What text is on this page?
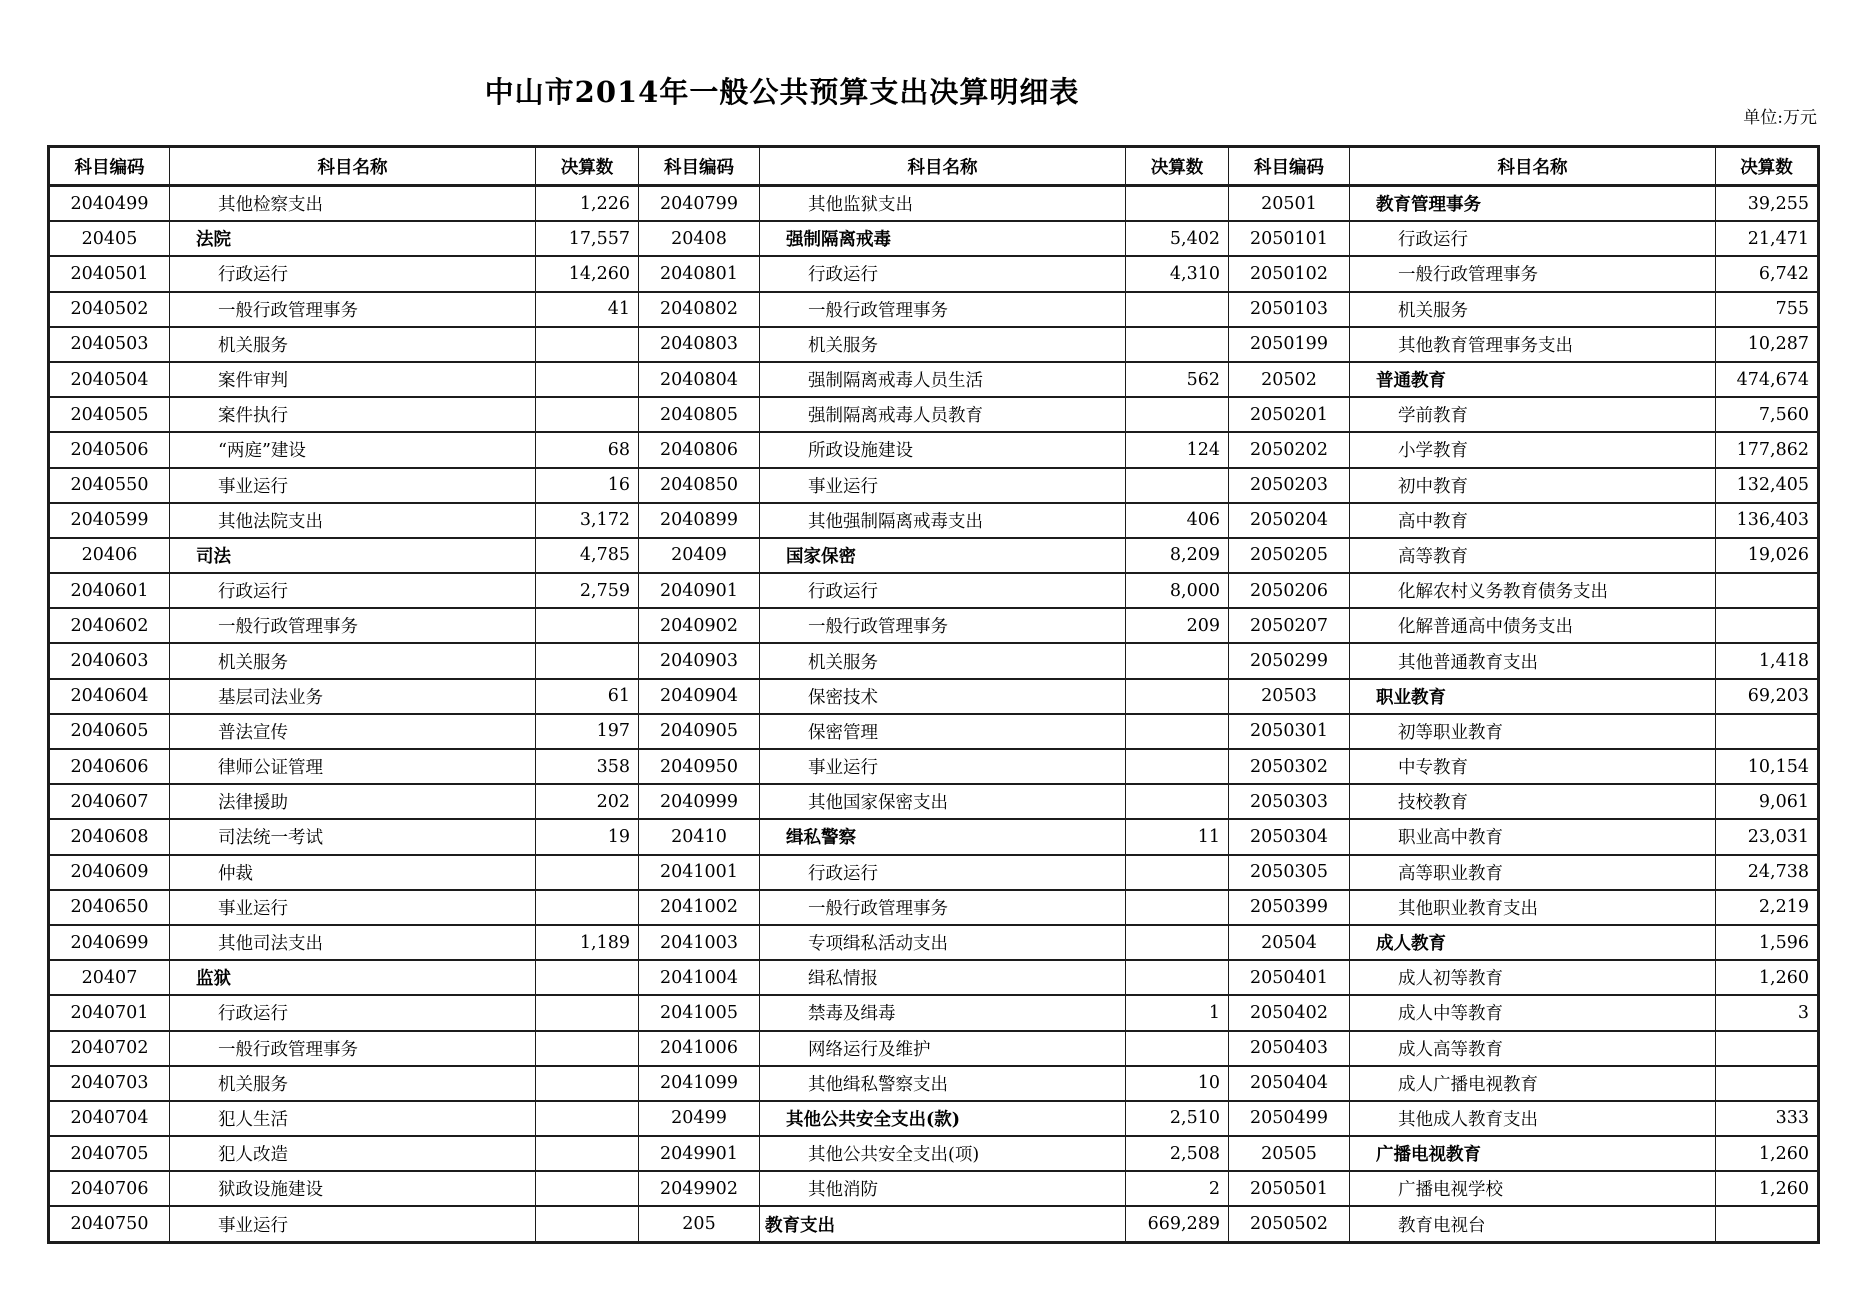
中山市2014年一般公共预算支出决算明细表
单位:万元
科目编码	科目名称	决算数	科目编码	科目名称	决算数	科目编码	科目名称	决算数
2040499	其他检察支出	1,226	2040799	其他监狱支出		20501	教育管理事务	39,255
20405	法院	17,557	20408	强制隔离戒毒	5,402	2050101	行政运行	21,471
2040501	行政运行	14,260	2040801	行政运行	4,310	2050102	一般行政管理事务	6,742
2040502	一般行政管理事务	41	2040802	一般行政管理事务		2050103	机关服务	755
2040503	机关服务		2040803	机关服务		2050199	其他教育管理事务支出	10,287
2040504	案件审判		2040804	强制隔离戒毒人员生活	562	20502	普通教育	474,674
2040505	案件执行		2040805	强制隔离戒毒人员教育		2050201	学前教育	7,560
2040506	“两庭”建设	68	2040806	所政设施建设	124	2050202	小学教育	177,862
2040550	事业运行	16	2040850	事业运行		2050203	初中教育	132,405
2040599	其他法院支出	3,172	2040899	其他强制隔离戒毒支出	406	2050204	高中教育	136,403
20406	司法	4,785	20409	国家保密	8,209	2050205	高等教育	19,026
2040601	行政运行	2,759	2040901	行政运行	8,000	2050206	化解农村义务教育债务支出	
2040602	一般行政管理事务		2040902	一般行政管理事务	209	2050207	化解普通高中债务支出	
2040603	机关服务		2040903	机关服务		2050299	其他普通教育支出	1,418
2040604	基层司法业务	61	2040904	保密技术		20503	职业教育	69,203
2040605	普法宣传	197	2040905	保密管理		2050301	初等职业教育	
2040606	律师公证管理	358	2040950	事业运行		2050302	中专教育	10,154
2040607	法律援助	202	2040999	其他国家保密支出		2050303	技校教育	9,061
2040608	司法统一考试	19	20410	缉私警察	11	2050304	职业高中教育	23,031
2040609	仲裁		2041001	行政运行		2050305	高等职业教育	24,738
2040650	事业运行		2041002	一般行政管理事务		2050399	其他职业教育支出	2,219
2040699	其他司法支出	1,189	2041003	专项缉私活动支出		20504	成人教育	1,596
20407	监狱		2041004	缉私情报		2050401	成人初等教育	1,260
2040701	行政运行		2041005	禁毒及缉毒	1	2050402	成人中等教育	3
2040702	一般行政管理事务		2041006	网络运行及维护		2050403	成人高等教育	
2040703	机关服务		2041099	其他缉私警察支出	10	2050404	成人广播电视教育	
2040704	犯人生活		20499	其他公共安全支出(款)	2,510	2050499	其他成人教育支出	333
2040705	犯人改造		2049901	其他公共安全支出(项)	2,508	20505	广播电视教育	1,260
2040706	狱政设施建设		2049902	其他消防	2	2050501	广播电视学校	1,260
2040750	事业运行		205	教育支出	669,289	2050502	教育电视台	
